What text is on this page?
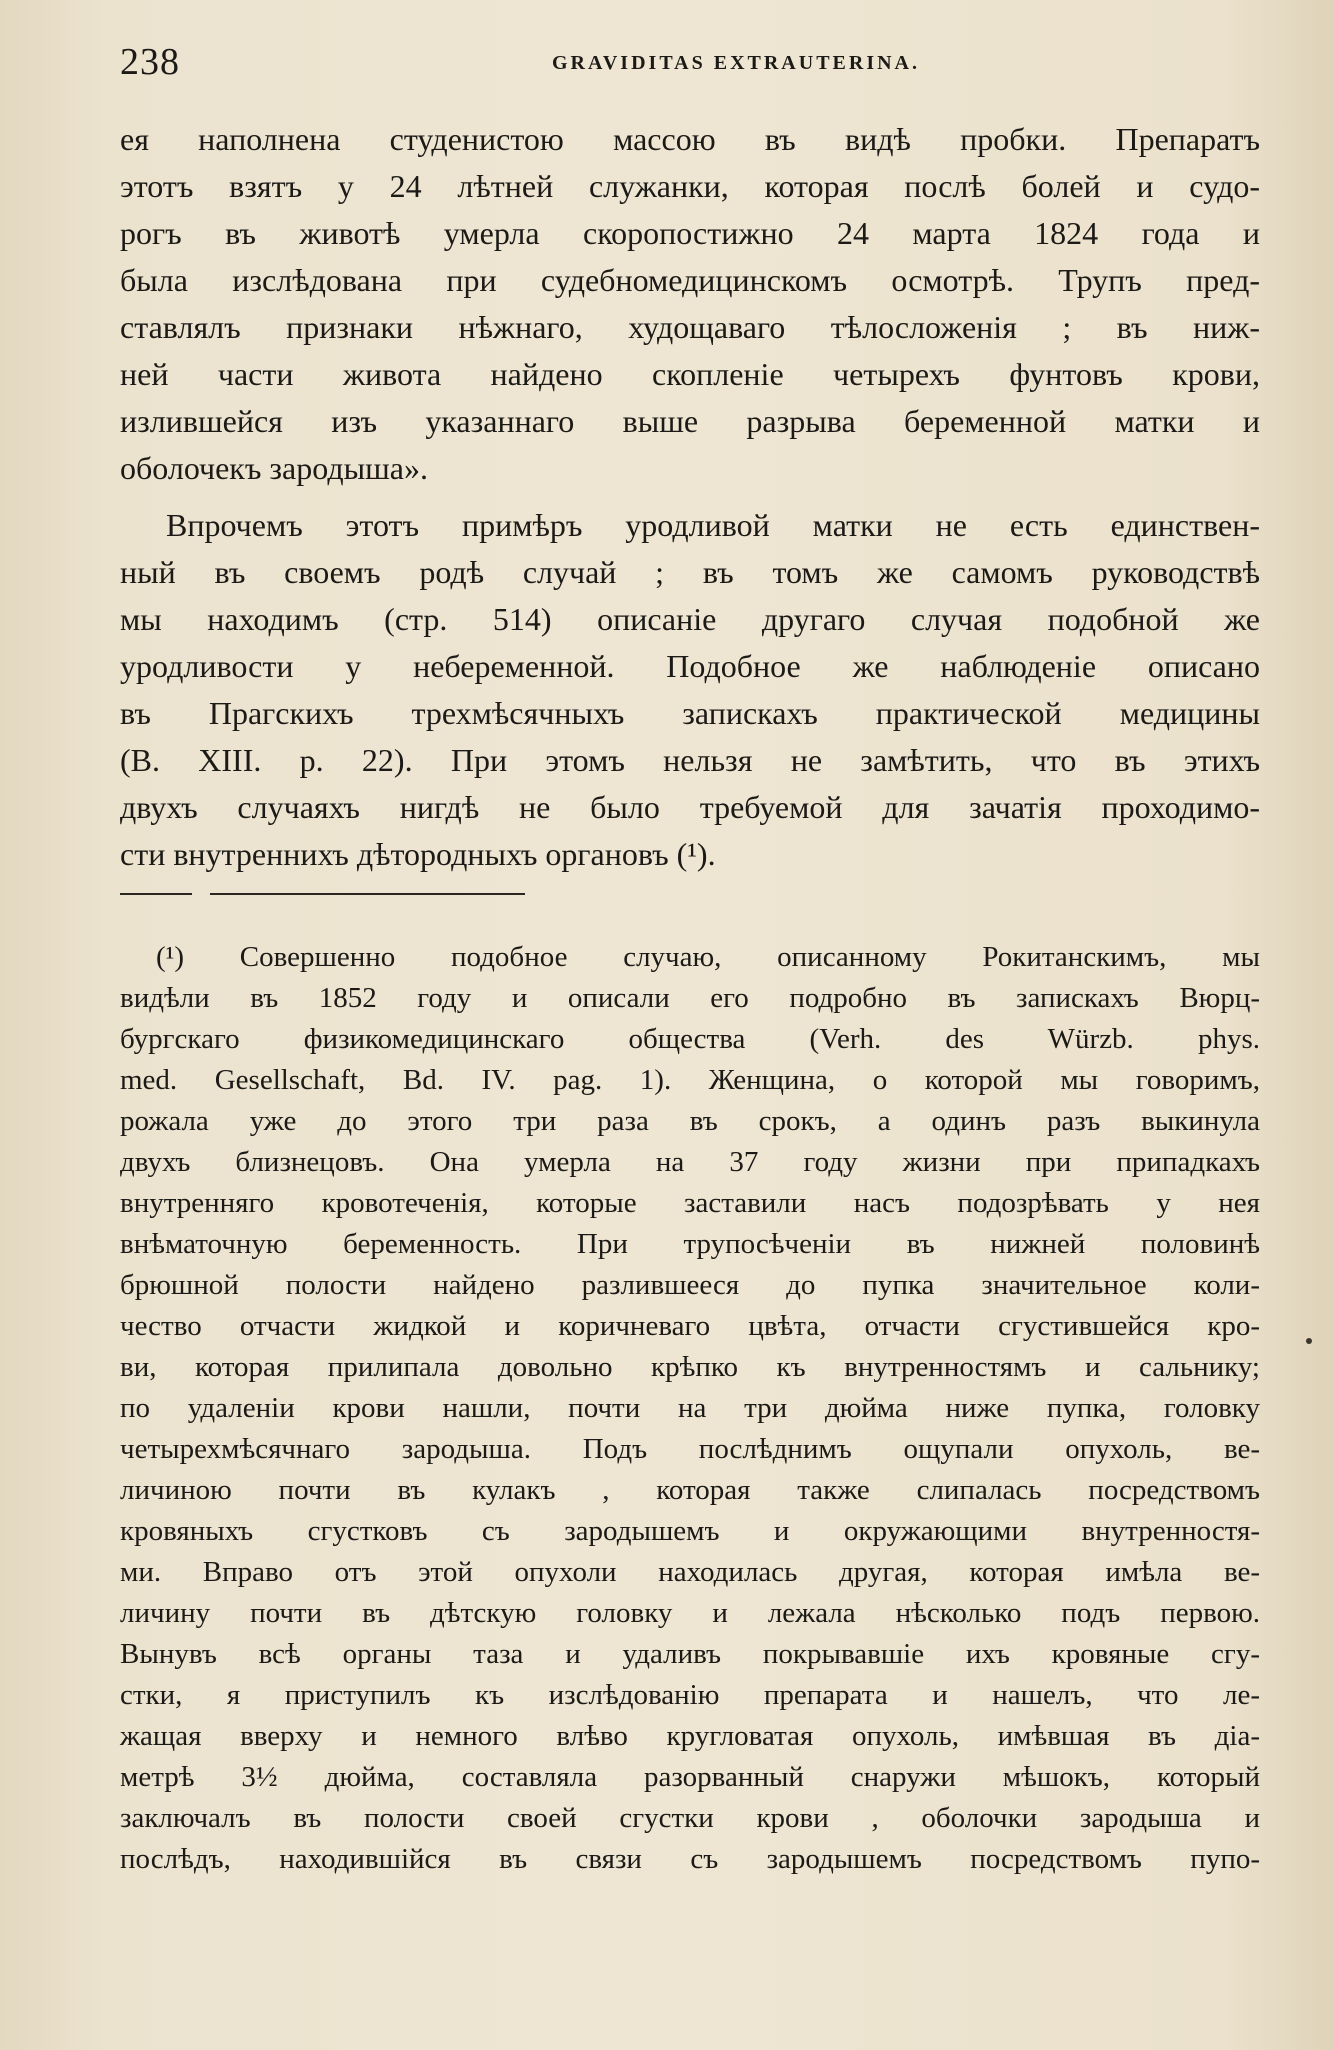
238	GRAVIDITAS EXTRAUTERINA.
ея наполнена студенистою массою въ видѣ пробки. Препаратъ
этотъ взятъ у 24 лѣтней служанки, которая послѣ болей и судо-
рогъ въ животѣ умерла скоропостижно 24 марта 1824 года и
была изслѣдована при судебномедицинскомъ осмотрѣ. Трупъ пред-
ставлялъ признаки нѣжнаго, худощаваго тѣлосложенія ; въ ниж-
ней части живота найдено скопленіе четырехъ фунтовъ крови,
излившейся изъ указаннаго выше разрыва беременной матки и
оболочекъ зародыша».
Впрочемъ этотъ примѣръ уродливой матки не есть единствен-
ный въ своемъ родѣ случай ; въ томъ же самомъ руководствѣ
мы находимъ (стр. 514) описаніе другаго случая подобной же
уродливости у небеременной. Подобное же наблюденіе описано
въ Прагскихъ трехмѣсячныхъ запискахъ практической медицины
(B. XIII. p. 22). При этомъ нельзя не замѣтить, что въ этихъ
двухъ случаяхъ нигдѣ не было требуемой для зачатія проходимо-
сти внутреннихъ дѣтородныхъ органовъ (¹).
(¹) Совершенно подобное случаю, описанному Рокитанскимъ, мы
видѣли въ 1852 году и описали его подробно въ запискахъ Вюрц-
бургскаго физикомедицинскаго общества (Verh. des Würzb. phys.
med. Gesellschaft, Bd. IV. pag. 1). Женщина, о которой мы говоримъ,
рожала уже до этого три раза въ срокъ, а одинъ разъ выкинула
двухъ близнецовъ. Она умерла на 37 году жизни при припадкахъ
внутренняго кровотеченія, которые заставили насъ подозрѣвать у нея
внѣматочную беременность. При трупосѣченіи въ нижней половинѣ
брюшной полости найдено разлившееся до пупка значительное коли-
чество отчасти жидкой и коричневаго цвѣта, отчасти сгустившейся кро-
ви, которая прилипала довольно крѣпко къ внутренностямъ и сальнику;
по удаленіи крови нашли, почти на три дюйма ниже пупка, головку
четырехмѣсячнаго зародыша. Подъ послѣднимъ ощупали опухоль, ве-
личиною почти въ кулакъ , которая также слипалась посредствомъ
кровяныхъ сгустковъ съ зародышемъ и окружающими внутренностя-
ми. Вправо отъ этой опухоли находилась другая, которая имѣла ве-
личину почти въ дѣтскую головку и лежала нѣсколько подъ первою.
Вынувъ всѣ органы таза и удаливъ покрывавшіе ихъ кровяные сгу-
стки, я приступилъ къ изслѣдованію препарата и нашелъ, что ле-
жащая вверху и немного влѣво кругловатая опухоль, имѣвшая въ діа-
метрѣ 3½ дюйма, составляла разорванный снаружи мѣшокъ, который
заключалъ въ полости своей сгустки крови , оболочки зародыша и
послѣдъ, находившійся въ связи съ зародышемъ посредствомъ пупо-
